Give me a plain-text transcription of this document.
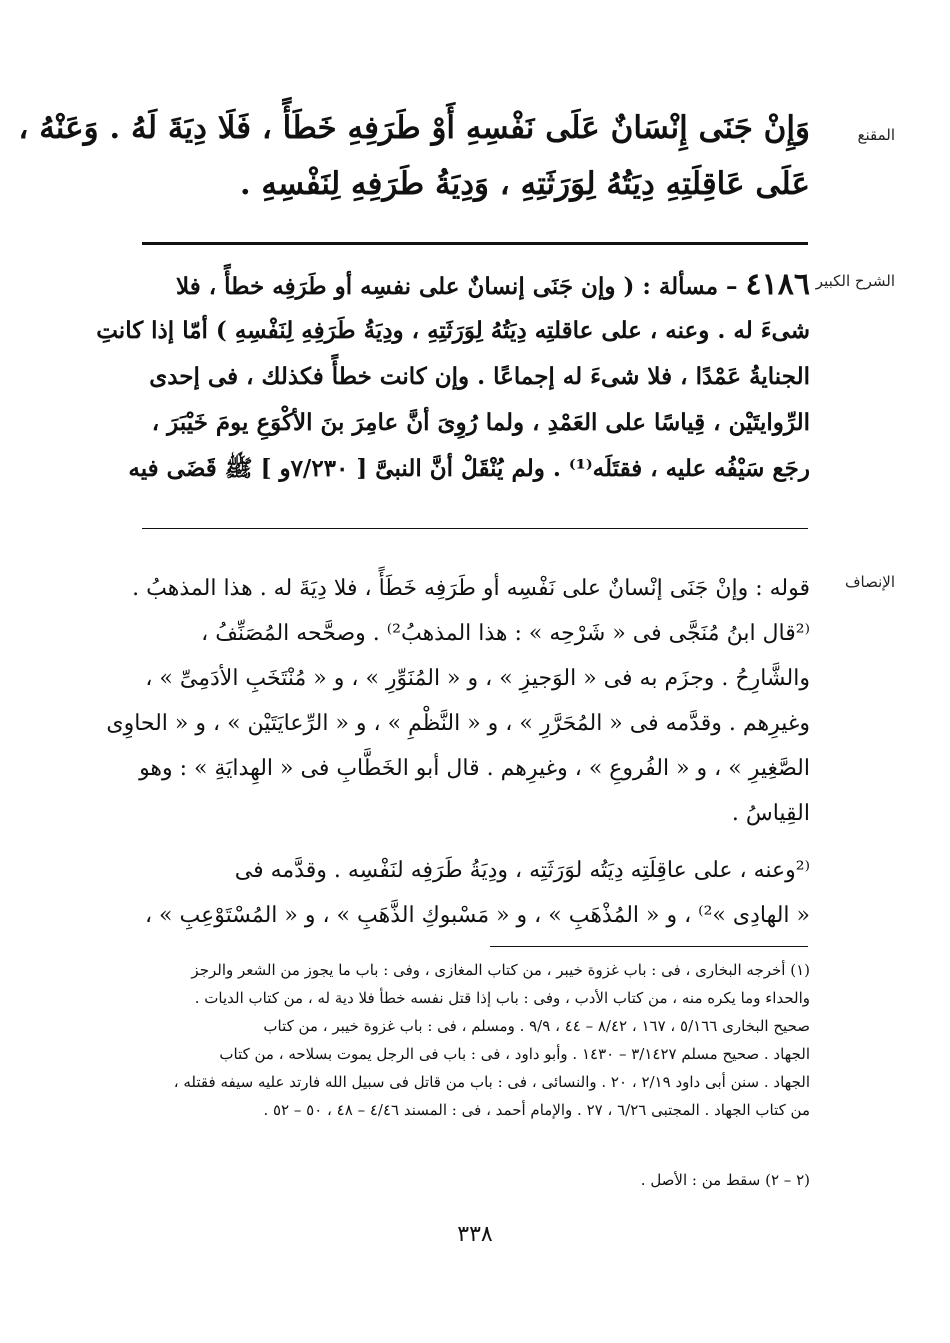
المقنع
وَإِنْ جَنَى إِنْسَانٌ عَلَى نَفْسِهِ أَوْ طَرَفِهِ خَطَأً ، فَلَا دِيَةَ لَهُ . وَعَنْهُ ،
عَلَى عَاقِلَتِهِ دِيَتُهُ لِوَرَثَتِهِ ، وَدِيَةُ طَرَفِهِ لِنَفْسِهِ .
الشرح الكبير
٤١٨٦ – مسألة : ( وإن جَنَى إنسانٌ على نفسِه أو طَرَفِه خطأً ، فلا
شىءَ له . وعنه ، على عاقلتِه دِيَتُهُ لِوَرَثَتِهِ ، ودِيَةُ طَرَفِهِ لِنَفْسِهِ ) أمّا إذا كانتِ
الجنايةُ عَمْدًا ، فلا شىءَ له إجماعًا . وإن كانت خطأً فكذلك ، فى إحدى
الرِّوايتَيْن ، قِياسًا على العَمْدِ ، ولما رُوِىَ أنَّ عامِرَ بنَ الأكْوَعِ يومَ خَيْبَرَ ،
رجَع سَيْفُه عليه ، فقتَلَه⁽¹⁾ . ولم يُنْقَلْ أنَّ النبىَّ [ ٧/٢٣٠و ] ﷺ قَضَى فيه
الإنصاف
قوله : وإنْ جَنَى إنْسانٌ على نَفْسِه أو طَرَفِه خَطَأً ، فلا دِيَةَ له . هذا المذهبُ .
⁽²قال ابنُ مُنَجَّى فى « شَرْحِه » : هذا المذهبُ²⁾ . وصحَّحه المُصَنِّفُ ،
والشَّارِحُ . وجزَم به فى « الوَجيزِ » ، و « المُنَوِّرِ » ، و « مُنْتَخَبِ الأدَمِىِّ » ،
وغيرِهم . وقدَّمه فى « المُحَرَّرِ » ، و « النَّظْمِ » ، و « الرِّعايَتَيْن » ، و « الحاوِى
الصَّغِيرِ » ، و « الفُروعِ » ، وغيرِهم . قال أبو الخَطَّابِ فى « الهِدايَةِ » : وهو
القِياسُ .
⁽²وعنه ، على عاقِلَتِه دِيَتُه لوَرَثَتِه ، ودِيَةُ طَرَفِه لنَفْسِه . وقدَّمه فى
« الهادِى »²⁾ ، و « المُذْهَبِ » ، و « مَسْبوكِ الذَّهَبِ » ، و « المُسْتَوْعِبِ » ،
(١) أخرجه البخارى ، فى : باب غزوة خيبر ، من كتاب المغازى ، وفى : باب ما يجوز من الشعر والرجز
والحداء وما يكره منه ، من كتاب الأدب ، وفى : باب إذا قتل نفسه خطأ فلا دية له ، من كتاب الديات .
صحيح البخارى ٥/١٦٦ ، ١٦٧ ، ٨/٤٢ – ٤٤ ، ٩/٩ . ومسلم ، فى : باب غزوة خيبر ، من كتاب
الجهاد . صحيح مسلم ٣/١٤٢٧ – ١٤٣٠ . وأبو داود ، فى : باب فى الرجل يموت بسلاحه ، من كتاب
الجهاد . سنن أبى داود ٢/١٩ ، ٢٠ . والنسائى ، فى : باب من قاتل فى سبيل الله فارتد عليه سيفه فقتله ،
من كتاب الجهاد . المجتبى ٦/٢٦ ، ٢٧ . والإمام أحمد ، فى : المسند ٤/٤٦ – ٤٨ ، ٥٠ – ٥٢ .
(٢ – ٢) سقط من : الأصل .
٣٣٨
